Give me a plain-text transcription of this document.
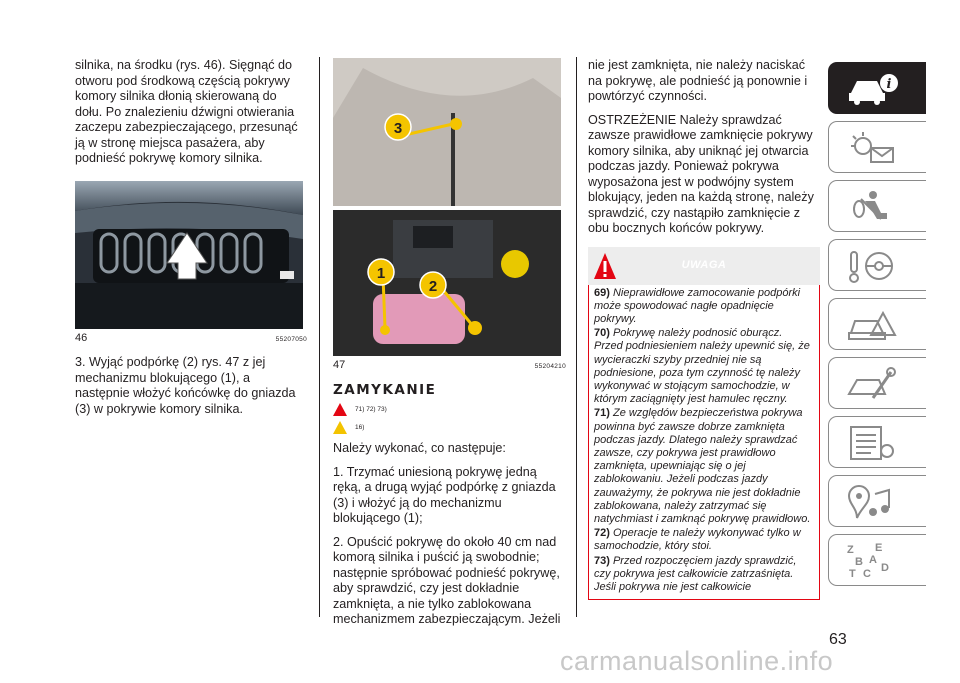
silnika, na środku (rys. 46). Sięgnąć do otworu pod środkową częścią pokrywy komory silnika dłonią skierowaną do dołu. Po znalezieniu dźwigni otwierania zaczepu zabezpieczającego, przesunąć ją w stronę miejsca pasażera, aby podnieść pokrywę komory silnika.

46	55207050

3. Wyjąć podpórkę (2) rys. 47 z jej mechanizmu blokującego (1), a następnie włożyć końcówkę do gniazda (3) w pokrywie komory silnika.

3
1
2
47	55204210
ZAMYKANIE
71) 72) 73)
16)

Należy wykonać, co następuje:

1. Trzymać uniesioną pokrywę jedną ręką, a drugą wyjąć podpórkę z gniazda (3) i włożyć ją do mechanizmu blokującego (1);

2. Opuścić pokrywę do około 40 cm nad komorą silnika i puścić ją swobodnie; następnie spróbować podnieść pokrywę, aby sprawdzić, czy jest dokładnie zamknięta, a nie tylko zablokowana mechanizmem zabezpieczającym. Jeżeli

nie jest zamknięta, nie należy naciskać na pokrywę, ale podnieść ją ponownie i powtórzyć czynności.

OSTRZEŻENIE Należy sprawdzać zawsze prawidłowe zamknięcie pokrywy komory silnika, aby uniknąć jej otwarcia podczas jazdy. Ponieważ pokrywa wyposażona jest w podwójny system blokujący, jeden na każdą stronę, należy sprawdzić, czy nastąpiło zamknięcie z obu bocznych końców pokrywy.

UWAGA

69) Nieprawidłowe zamocowanie podpórki może spowodować nagłe opadnięcie pokrywy.

70) Pokrywę należy podnosić oburącz. Przed podniesieniem należy upewnić się, że wycieraczki szyby przedniej nie są podniesione, poza tym czynność tę należy wykonywać w stojącym samochodzie, w którym zaciągnięty jest hamulec ręczny.

71) Ze względów bezpieczeństwa pokrywa powinna być zawsze dobrze zamknięta podczas jazdy. Dlatego należy sprawdzać zawsze, czy pokrywa jest prawidłowo zamknięta, upewniając się o jej zablokowaniu. Jeżeli podczas jazdy zauważymy, że pokrywa nie jest dokładnie zablokowana, należy zatrzymać się natychmiast i zamknąć pokrywę prawidłowo.

72) Operacje te należy wykonywać tylko w samochodzie, który stoi.

73) Przed rozpoczęciem jazdy sprawdzić, czy pokrywa jest całkowicie zatrzaśnięta. Jeśli pokrywa nie jest całkowicie

i
Z E
B A
T C D
63
carmanualsonline.info
